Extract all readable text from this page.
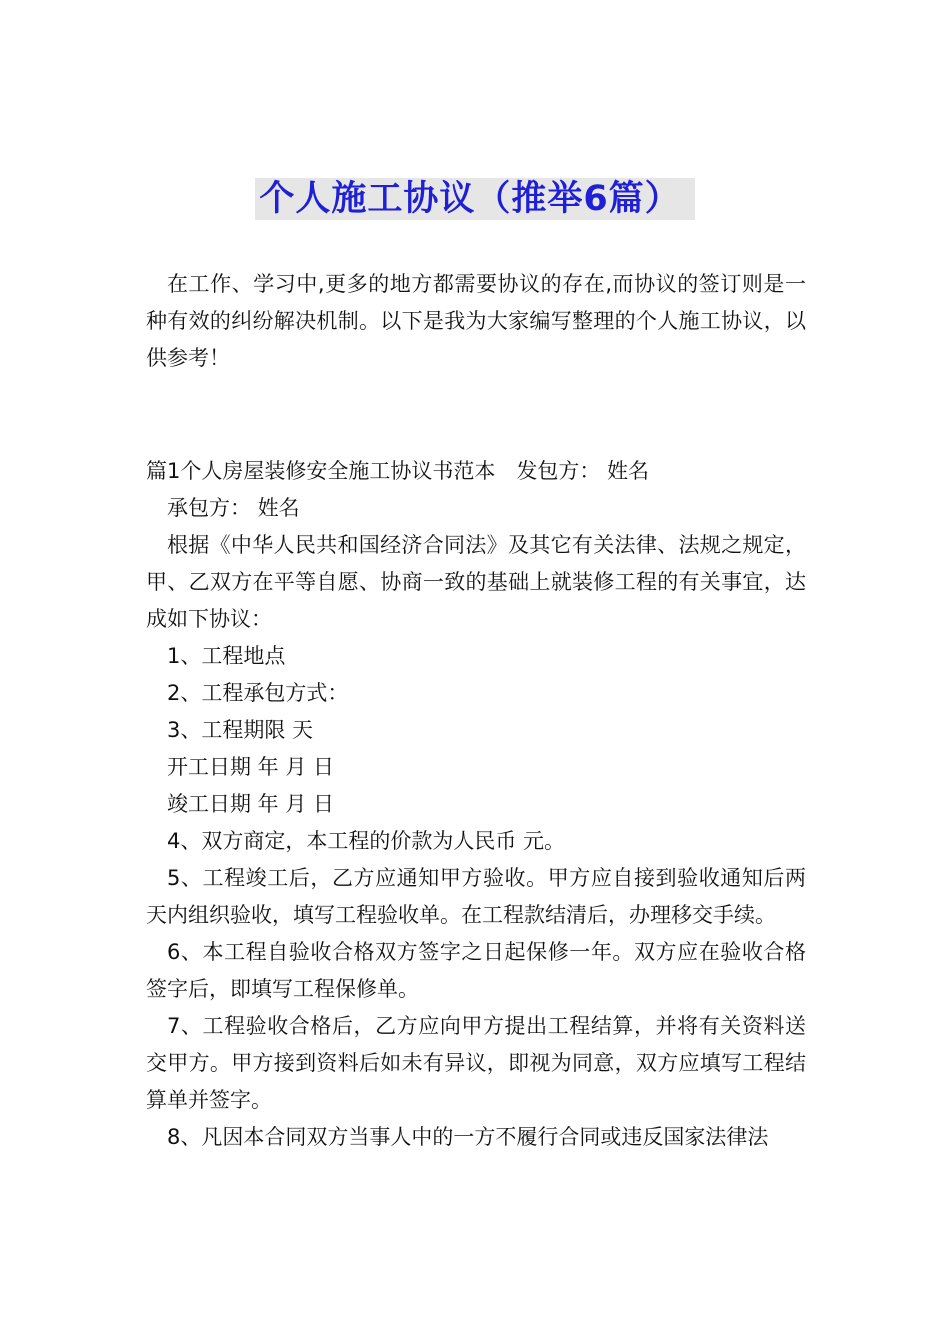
个人施工协议（推举6篇）

在工作、学习中,更多的地方都需要协议的存在,而协议的签订则是一种有效的纠纷解决机制。以下是我为大家编写整理的个人施工协议，以供参考！

篇1个人房屋装修安全施工协议书范本　发包方： 姓名

承包方： 姓名

根据《中华人民共和国经济合同法》及其它有关法律、法规之规定，甲、乙双方在平等自愿、协商一致的基础上就装修工程的有关事宜，达成如下协议：

1、工程地点

2、工程承包方式：

3、工程期限 天

开工日期 年 月 日

竣工日期 年 月 日

4、双方商定，本工程的价款为人民币 元。

5、工程竣工后，乙方应通知甲方验收。甲方应自接到验收通知后两天内组织验收，填写工程验收单。在工程款结清后，办理移交手续。

6、本工程自验收合格双方签字之日起保修一年。双方应在验收合格签字后，即填写工程保修单。

7、工程验收合格后，乙方应向甲方提出工程结算，并将有关资料送交甲方。甲方接到资料后如未有异议，即视为同意，双方应填写工程结算单并签字。

8、凡因本合同双方当事人中的一方不履行合同或违反国家法律法
